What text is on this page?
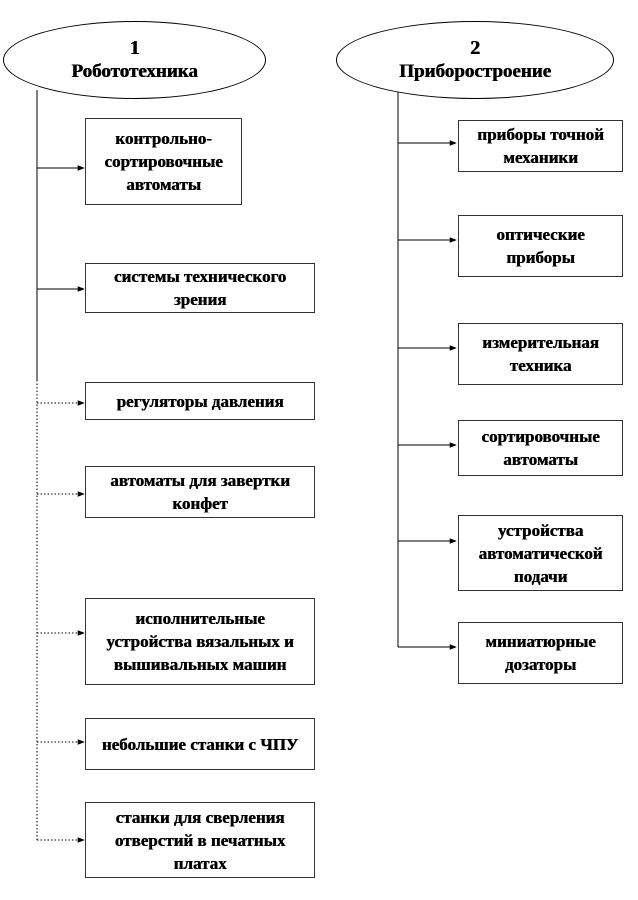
1
Робототехника
контрольно-сортировочные автоматы
системы технического зрения
регуляторы давления
автоматы для завертки конфет
исполнительные устройства вязальных и вышивальных машин
небольшие станки с ЧПУ
станки для сверления отверстий в печатных платах
2
Приборостроение
приборы точной механики
оптические приборы
измерительная техника
сортировочные автоматы
устройства автоматической подачи
миниатюрные дозаторы
